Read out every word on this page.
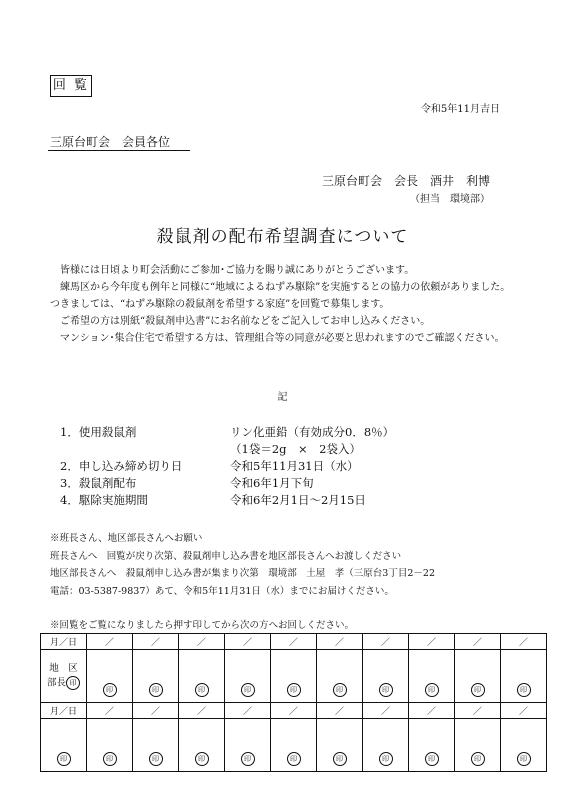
回 覧
令和5年11月吉日
三原台町会　会員各位
三原台町会　会長　酒井　利博
（担当　環境部）
殺鼠剤の配布希望調査について

　皆様には日頃より町会活動にご参加･ご協力を賜り誠にありがとうございます。

　練馬区から今年度も例年と同様に“地域によるねずみ駆除”を実施するとの協力の依頼がありました。つきましては、“ねずみ駆除の殺鼠剤を希望する家庭”を回覧で募集します。

　ご希望の方は別紙“殺鼠剤申込書”にお名前などをご記入してお申し込みください。

　マンション･集合住宅で希望する方は、管理組合等の同意が必要と思われますのでご確認ください。

記
1．使用殺鼠剤	リン化亜鉛（有効成分0．8％）
（1袋＝2g　×　2袋入）
2．申し込み締め切り日	令和5年11月31日（水）
3．殺鼠剤配布	令和6年1月下旬
4．駆除実施期間	令和6年2月1日～2月15日
※班長さん、地区部長さんへお願い
班長さんへ　回覧が戻り次第、殺鼠剤申し込み書を地区部長さんへお渡しください
地区部長さんへ　殺鼠剤申し込み書が集まり次第　環境部　土屋　孝（三原台3丁目2－22
電話：03-5387-9837）あて、令和5年11月31日（水）までにお届けください。
※回覧をご覧になりましたら押す印してから次の方へお回しください。
月／日	／	／	／	／	／	／	／	／	／	／

地　区
部長 印	印	印	印	印	印	印	印	印	印	印
月／日	／	／	／	／	／	／	／	／	／	／
印	印	印	印	印	印	印	印	印	印	印
